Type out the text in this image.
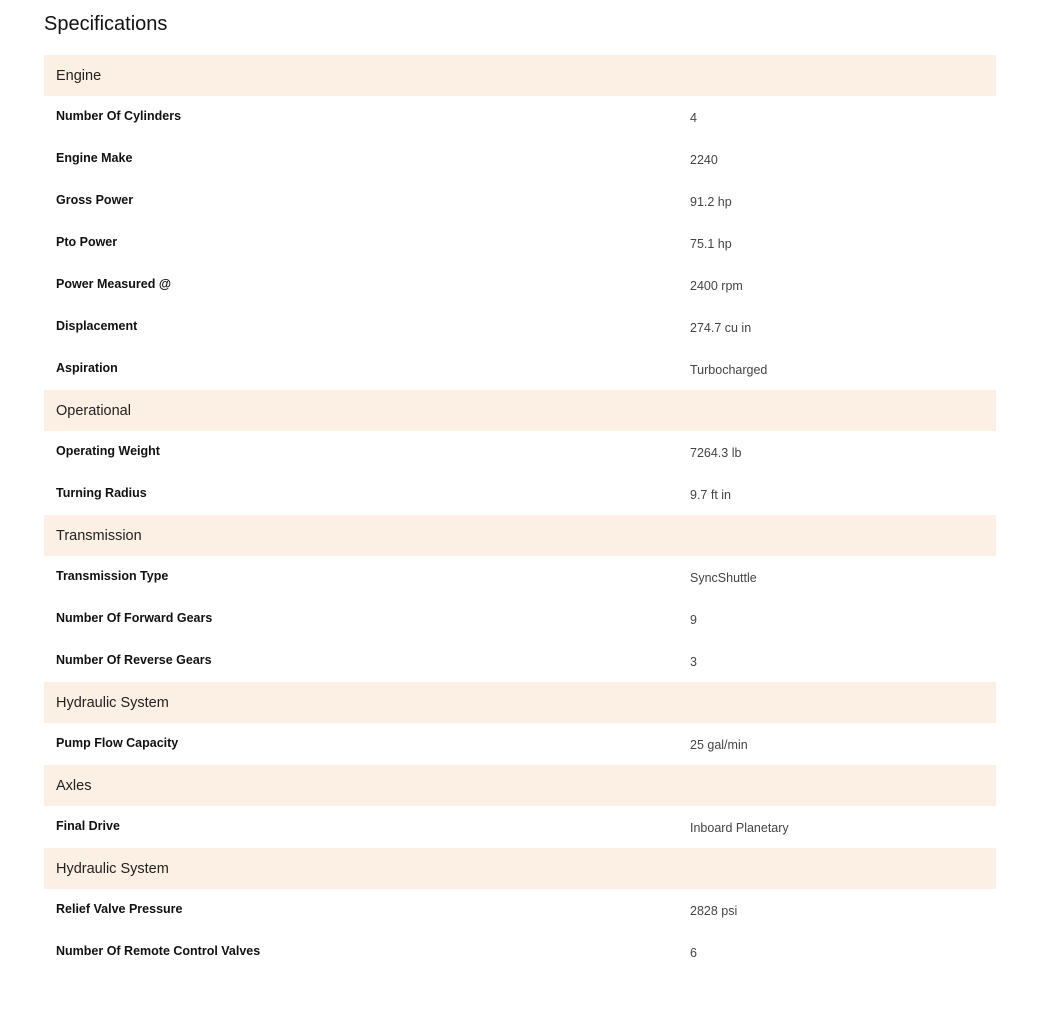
Specifications
Engine
Number Of Cylinders	4
Engine Make	2240
Gross Power	91.2 hp
Pto Power	75.1 hp
Power Measured @	2400 rpm
Displacement	274.7 cu in
Aspiration	Turbocharged
Operational
Operating Weight	7264.3 lb
Turning Radius	9.7 ft in
Transmission
Transmission Type	SyncShuttle
Number Of Forward Gears	9
Number Of Reverse Gears	3
Hydraulic System
Pump Flow Capacity	25 gal/min
Axles
Final Drive	Inboard Planetary
Hydraulic System
Relief Valve Pressure	2828 psi
Number Of Remote Control Valves	6
